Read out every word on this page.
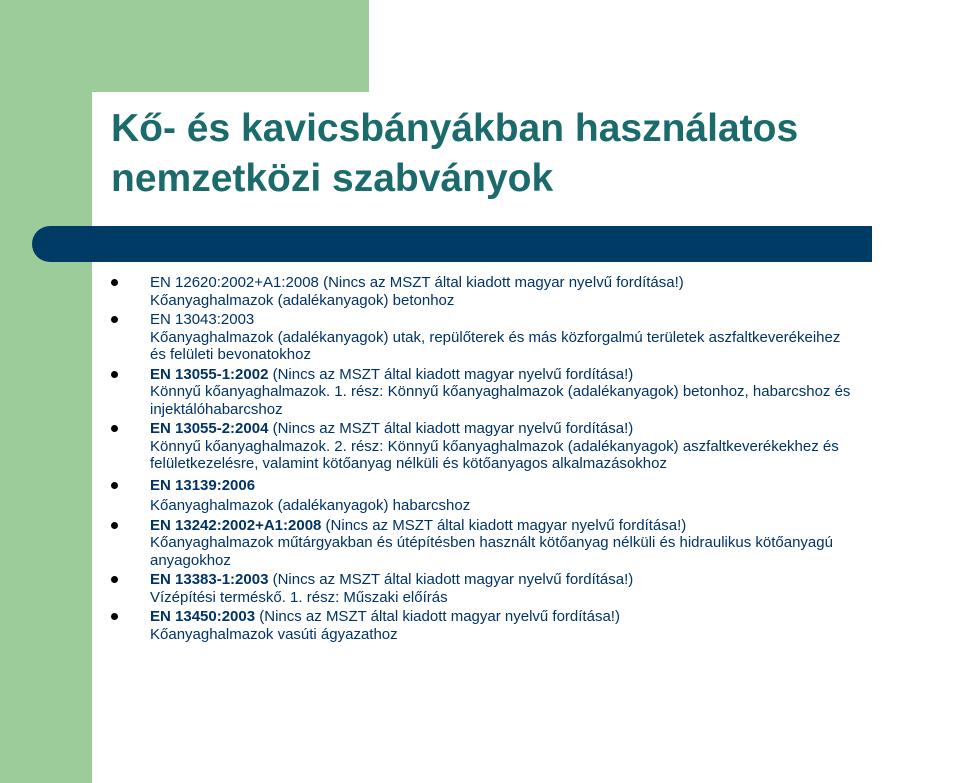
Kő- és kavicsbányákban használatos
nemzetközi szabványok
EN 12620:2002+A1:2008 (Nincs az MSZT által kiadott magyar nyelvű fordítása!)
Kőanyaghalmazok (adalékanyagok) betonhoz
EN 13043:2003
Kőanyaghalmazok (adalékanyagok) utak, repülőterek és más közforgalmú területek aszfaltkeverékeihez
és felületi bevonatokhoz
EN 13055-1:2002 (Nincs az MSZT által kiadott magyar nyelvű fordítása!)
Könnyű kőanyaghalmazok. 1. rész: Könnyű kőanyaghalmazok (adalékanyagok) betonhoz, habarcshoz és
injektálóhabarcshoz
EN 13055-2:2004 (Nincs az MSZT által kiadott magyar nyelvű fordítása!)
Könnyű kőanyaghalmazok. 2. rész: Könnyű kőanyaghalmazok (adalékanyagok) aszfaltkeverékekhez és
felületkezelésre, valamint kötőanyag nélküli és kötőanyagos alkalmazásokhoz
EN 13139:2006
Kőanyaghalmazok (adalékanyagok) habarcshoz
EN 13242:2002+A1:2008 (Nincs az MSZT által kiadott magyar nyelvű fordítása!)
Kőanyaghalmazok műtárgyakban és útépítésben használt kötőanyag nélküli és hidraulikus kötőanyagú
anyagokhoz
EN 13383-1:2003 (Nincs az MSZT által kiadott magyar nyelvű fordítása!)
Vízépítési terméskő. 1. rész: Műszaki előírás
EN 13450:2003 (Nincs az MSZT által kiadott magyar nyelvű fordítása!)
Kőanyaghalmazok vasúti ágyazathoz
